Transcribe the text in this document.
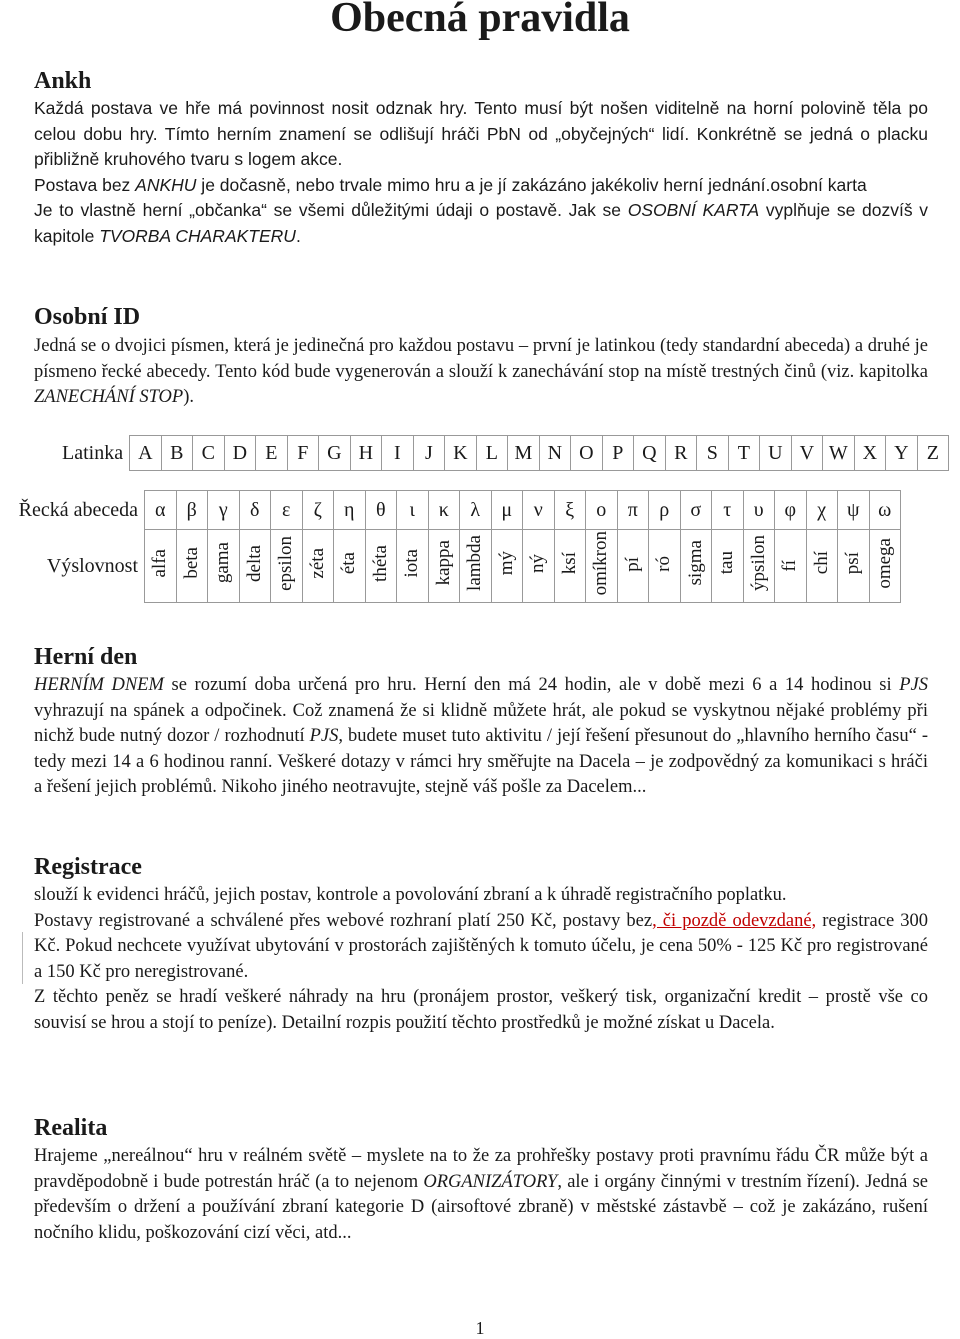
Obecná pravidla
Ankh

Každá postava ve hře má povinnost nosit odznak hry. Tento musí být nošen viditelně na horní polovině těla po celou dobu hry. Tímto herním znamení se odlišují hráči PbN od „obyčejných“ lidí. Konkrétně se jedná o placku přibližně kruhového tvaru s logem akce.

Postava bez ANKHU je dočasně, nebo trvale mimo hru a je jí zakázáno jakékoliv herní jednání.osobní karta

Je to vlastně herní „občanka“ se všemi důležitými údaji o postavě. Jak se OSOBNÍ KARTA vyplňuje se dozvíš v kapitole TVORBA CHARAKTERU.

Osobní ID

Jedná se o dvojici písmen, která je jedinečná pro každou postavu – první je latinkou (tedy standardní abeceda) a druhé je písmeno řecké abecedy. Tento kód bude vygenerován a slouží k zanechávání stop na místě trestných činů (viz. kapitolka ZANECHÁNÍ STOP).

Latinka	A	B	C	D	E	F	G	H	I	J	K	L	M	N	O	P	Q	R	S	T	U	V	W	X	Y	Z
Řecká abeceda	α	β	γ	δ	ε	ζ	η	θ	ι	κ	λ	μ	ν	ξ	ο	π	ρ	σ	τ	υ	φ	χ	ψ	ω
Výslovnost	alfa	beta	gama	delta	epsilon	zéta	éta	théta	iota	kappa	lambda	mý	ný	ksí	omíkron	pí	ró	sigma	tau	ýpsilon	fí	chí	psí	omega
Herní den

HERNÍM DNEM se rozumí doba určená pro hru. Herní den má 24 hodin, ale v době mezi 6 a 14 hodinou si PJS vyhrazují na spánek a odpočinek. Což znamená že si klidně můžete hrát, ale pokud se vyskytnou nějaké problémy při nichž bude nutný dozor / rozhodnutí PJS, budete muset tuto aktivitu / její řešení přesunout do „hlavního herního času“ - tedy mezi 14 a 6 hodinou ranní. Veškeré dotazy v rámci hry směřujte na Dacela – je zodpovědný za komunikaci s hráči a řešení jejich problémů. Nikoho jiného neotravujte, stejně váš pošle za Dacelem...

Registrace

slouží k evidenci hráčů, jejich postav, kontrole a povolování zbraní a k úhradě registračního poplatku.

Postavy registrované a schválené přes webové rozhraní platí 250 Kč, postavy bez, či pozdě odevzdané, registrace 300 Kč. Pokud nechcete využívat ubytování v prostorách zajištěných k tomuto účelu, je cena 50% - 125 Kč pro registrované a 150 Kč pro neregistrované.

Z těchto peněz se hradí veškeré náhrady na hru (pronájem prostor, veškerý tisk, organizační kredit – prostě vše co souvisí se hrou a stojí to peníze). Detailní rozpis použití těchto prostředků je možné získat u Dacela.

Realita

Hrajeme „nereálnou“ hru v reálném světě – myslete na to že za prohřešky postavy proti pravnímu řádu ČR může být a pravděpodobně i bude potrestán hráč (a to nejenom ORGANIZÁTORY, ale i orgány činnými v trestním řízení). Jedná se především o držení a používání zbraní kategorie D (airsoftové zbraně) v městské zástavbě – což je zakázáno, rušení nočního klidu, poškozování cizí věci, atd...

1
